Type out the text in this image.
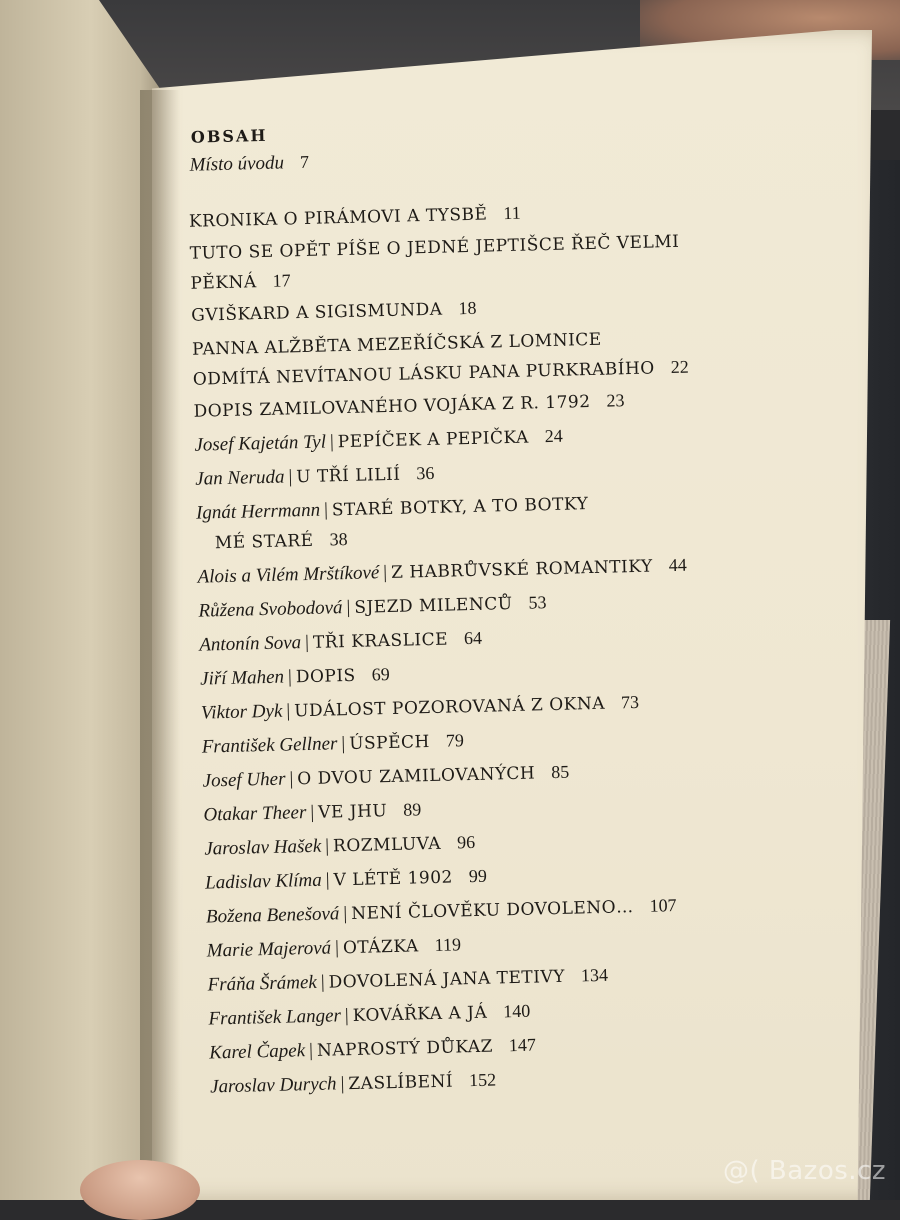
OBSAH
Místo úvodu 7
KRONIKA O PIRÁMOVI A TYSBĚ 11
TUTO SE OPĚT PÍŠE O JEDNÉ JEPTIŠCE ŘEČ VELMI
PĚKNÁ 17
GVIŠKARD A SIGISMUNDA 18
PANNA ALŽBĚTA MEZEŘÍČSKÁ Z LOMNICE
ODMÍTÁ NEVÍTANOU LÁSKU PANA PURKRABÍHO 22
DOPIS ZAMILOVANÉHO VOJÁKA Z R. 1792 23
Josef Kajetán Tyl | PEPÍČEK A PEPIČKA 24
Jan Neruda | U TŘÍ LILIÍ 36
Ignát Herrmann | STARÉ BOTKY, A TO BOTKY
MÉ STARÉ 38
Alois a Vilém Mrštíkové | Z HABRŮVSKÉ ROMANTIKY 44
Růžena Svobodová | SJEZD MILENCŮ 53
Antonín Sova | TŘI KRASLICE 64
Jiří Mahen | DOPIS 69
Viktor Dyk | UDÁLOST POZOROVANÁ Z OKNA 73
František Gellner | ÚSPĚCH 79
Josef Uher | O DVOU ZAMILOVANÝCH 85
Otakar Theer | VE JHU 89
Jaroslav Hašek | ROZMLUVA 96
Ladislav Klíma | V LÉTĚ 1902 99
Božena Benešová | NENÍ ČLOVĚKU DOVOLENO… 107
Marie Majerová | OTÁZKA 119
Fráňa Šrámek | DOVOLENÁ JANA TETIVY 134
František Langer | KOVÁŘKA A JÁ 140
Karel Čapek | NAPROSTÝ DŮKAZ 147
Jaroslav Durych | ZASLÍBENÍ 152
@( Bazos.cz
